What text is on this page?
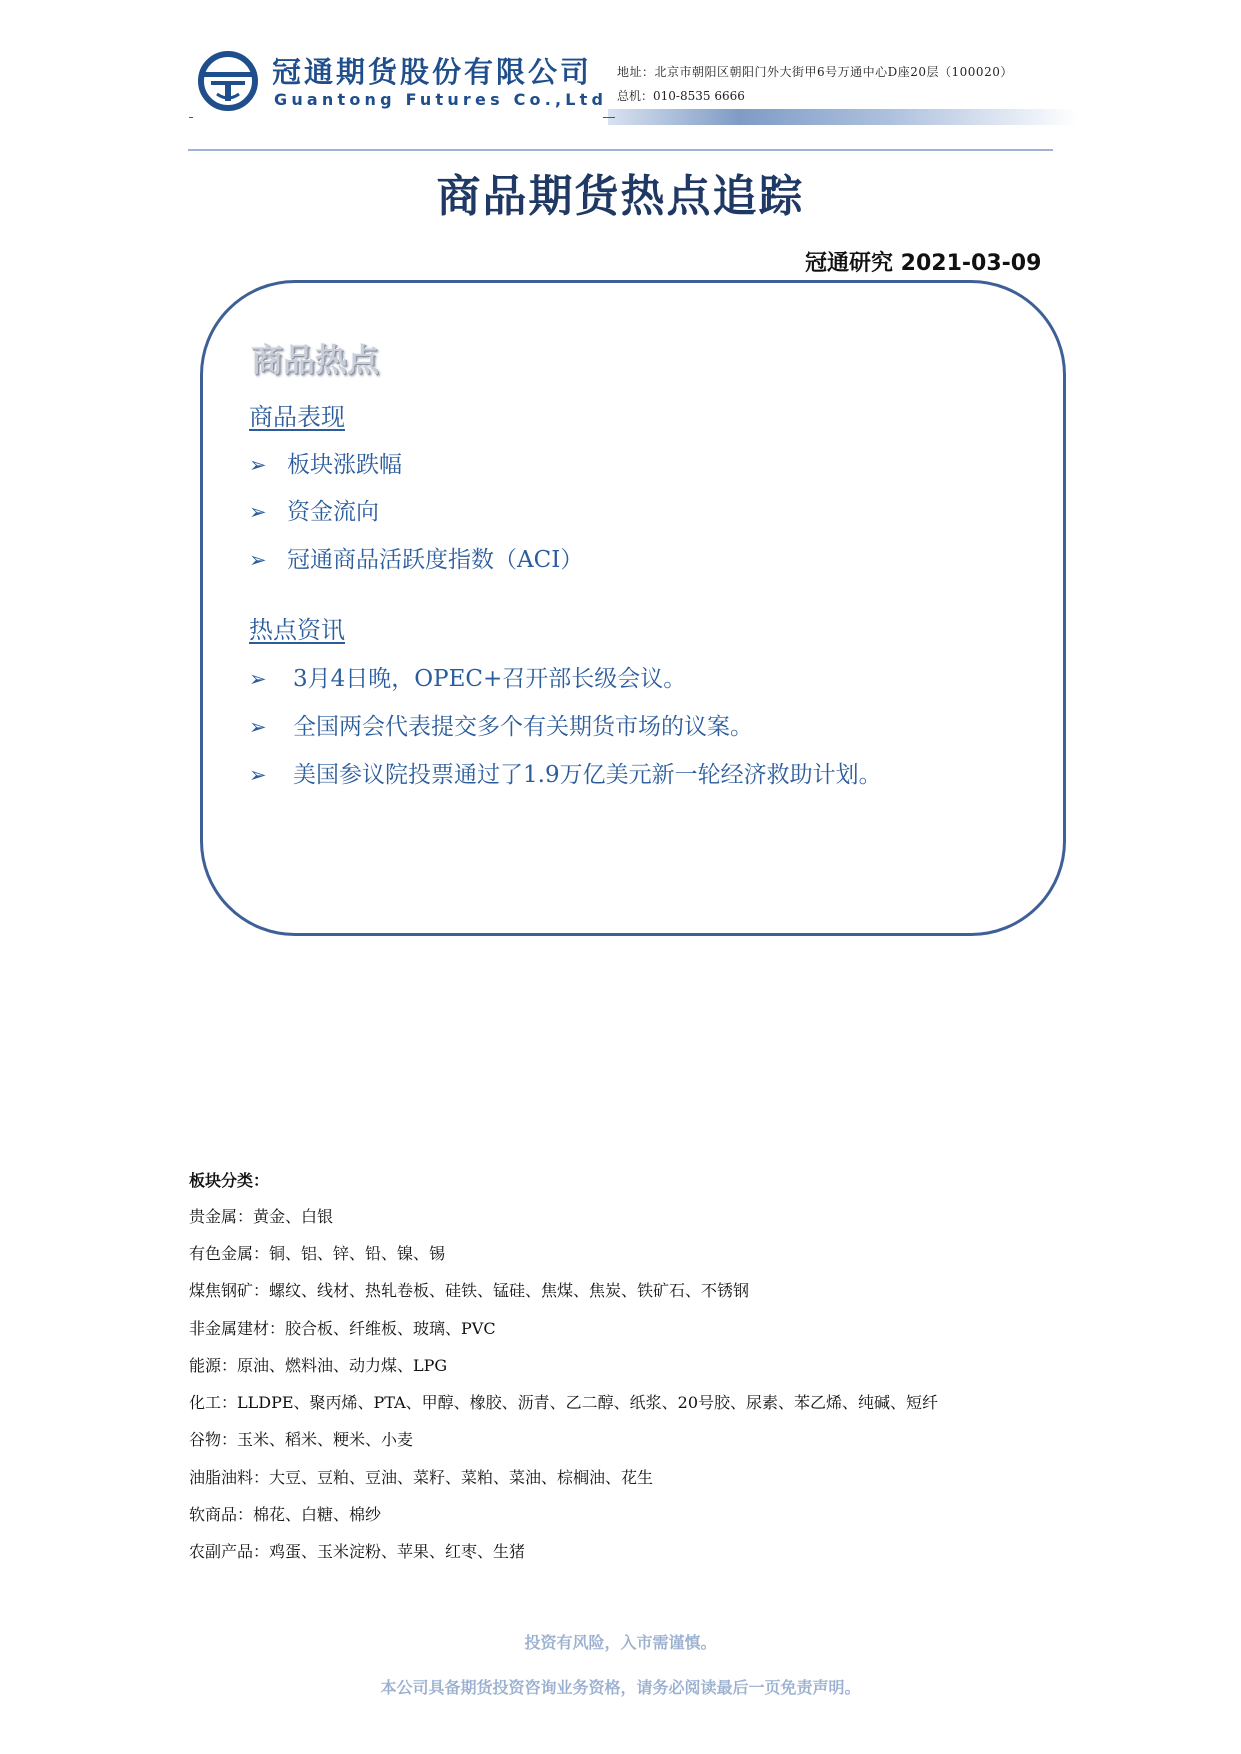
冠通期货股份有限公司
Guantong Futures Co.,Ltd
地址：北京市朝阳区朝阳门外大街甲6号万通中心D座20层（100020）
总机：010-8535 6666
商品期货热点追踪
冠通研究 2021-03-09
商品热点
商品表现
➢ 板块涨跌幅
➢ 资金流向
➢ 冠通商品活跃度指数（ACI）
热点资讯
➢ 3月4日晚，OPEC+召开部长级会议。
➢ 全国两会代表提交多个有关期货市场的议案。
➢ 美国参议院投票通过了1.9万亿美元新一轮经济救助计划。
板块分类：
贵金属：黄金、白银
有色金属：铜、铝、锌、铅、镍、锡
煤焦钢矿：螺纹、线材、热轧卷板、硅铁、锰硅、焦煤、焦炭、铁矿石、不锈钢
非金属建材：胶合板、纤维板、玻璃、PVC
能源：原油、燃料油、动力煤、LPG
化工：LLDPE、聚丙烯、PTA、甲醇、橡胶、沥青、乙二醇、纸浆、20号胶、尿素、苯乙烯、纯碱、短纤
谷物：玉米、稻米、粳米、小麦
油脂油料：大豆、豆粕、豆油、菜籽、菜粕、菜油、棕榈油、花生
软商品：棉花、白糖、棉纱
农副产品：鸡蛋、玉米淀粉、苹果、红枣、生猪
投资有风险，入市需谨慎。
本公司具备期货投资咨询业务资格，请务必阅读最后一页免责声明。
